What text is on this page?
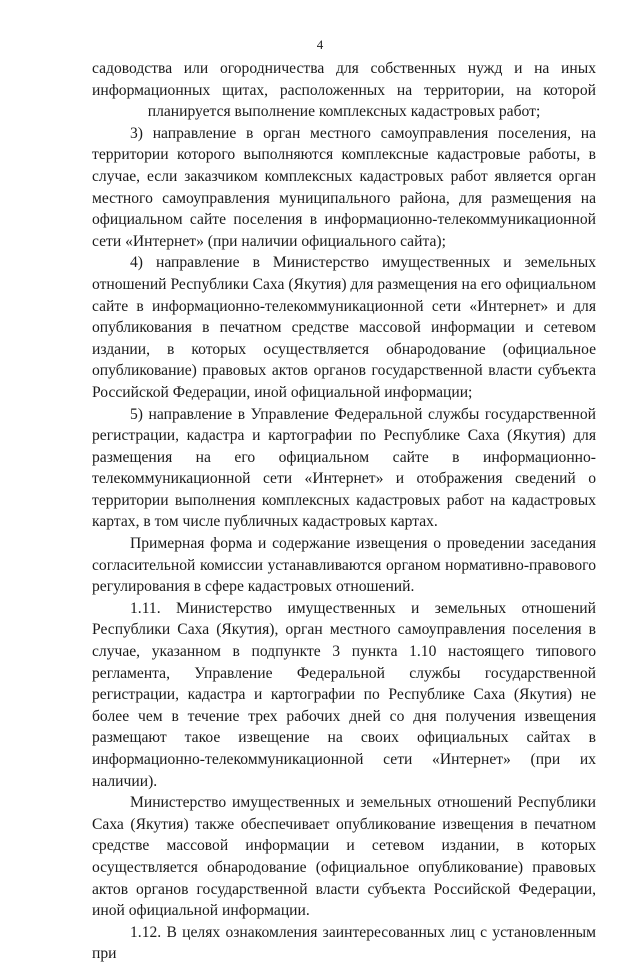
4

садоводства или огородничества для собственных нужд и на иных информационных щитах, расположенных на территории, на которой планируется выполнение комплексных кадастровых работ;

3) направление в орган местного самоуправления поселения, на территории которого выполняются комплексные кадастровые работы, в случае, если заказчиком комплексных кадастровых работ является орган местного самоуправления муниципального района, для размещения на официальном сайте поселения в информационно-телекоммуникационной сети «Интернет» (при наличии официального сайта);

4) направление в Министерство имущественных и земельных отношений Республики Саха (Якутия) для размещения на его официальном сайте в информационно-телекоммуникационной сети «Интернет» и для опубликования в печатном средстве массовой информации и сетевом издании, в которых осуществляется обнародование (официальное опубликование) правовых актов органов государственной власти субъекта Российской Федерации, иной официальной информации;

5) направление в Управление Федеральной службы государственной регистрации, кадастра и картографии по Республике Саха (Якутия) для размещения на его официальном сайте в информационно-телекоммуникационной сети «Интернет» и отображения сведений о территории выполнения комплексных кадастровых работ на кадастровых картах, в том числе публичных кадастровых картах.

Примерная форма и содержание извещения о проведении заседания согласительной комиссии устанавливаются органом нормативно-правового регулирования в сфере кадастровых отношений.

1.11. Министерство имущественных и земельных отношений Республики Саха (Якутия), орган местного самоуправления поселения в случае, указанном в подпункте 3 пункта 1.10 настоящего типового регламента, Управление Федеральной службы государственной регистрации, кадастра и картографии по Республике Саха (Якутия) не более чем в течение трех рабочих дней со дня получения извещения размещают такое извещение на своих официальных сайтах в информационно-телекоммуникационной сети «Интернет» (при их наличии).

Министерство имущественных и земельных отношений Республики Саха (Якутия) также обеспечивает опубликование извещения в печатном средстве массовой информации и сетевом издании, в которых осуществляется обнародование (официальное опубликование) правовых актов органов государственной власти субъекта Российской Федерации, иной официальной информации.

1.12. В целях ознакомления заинтересованных лиц с установленным при
